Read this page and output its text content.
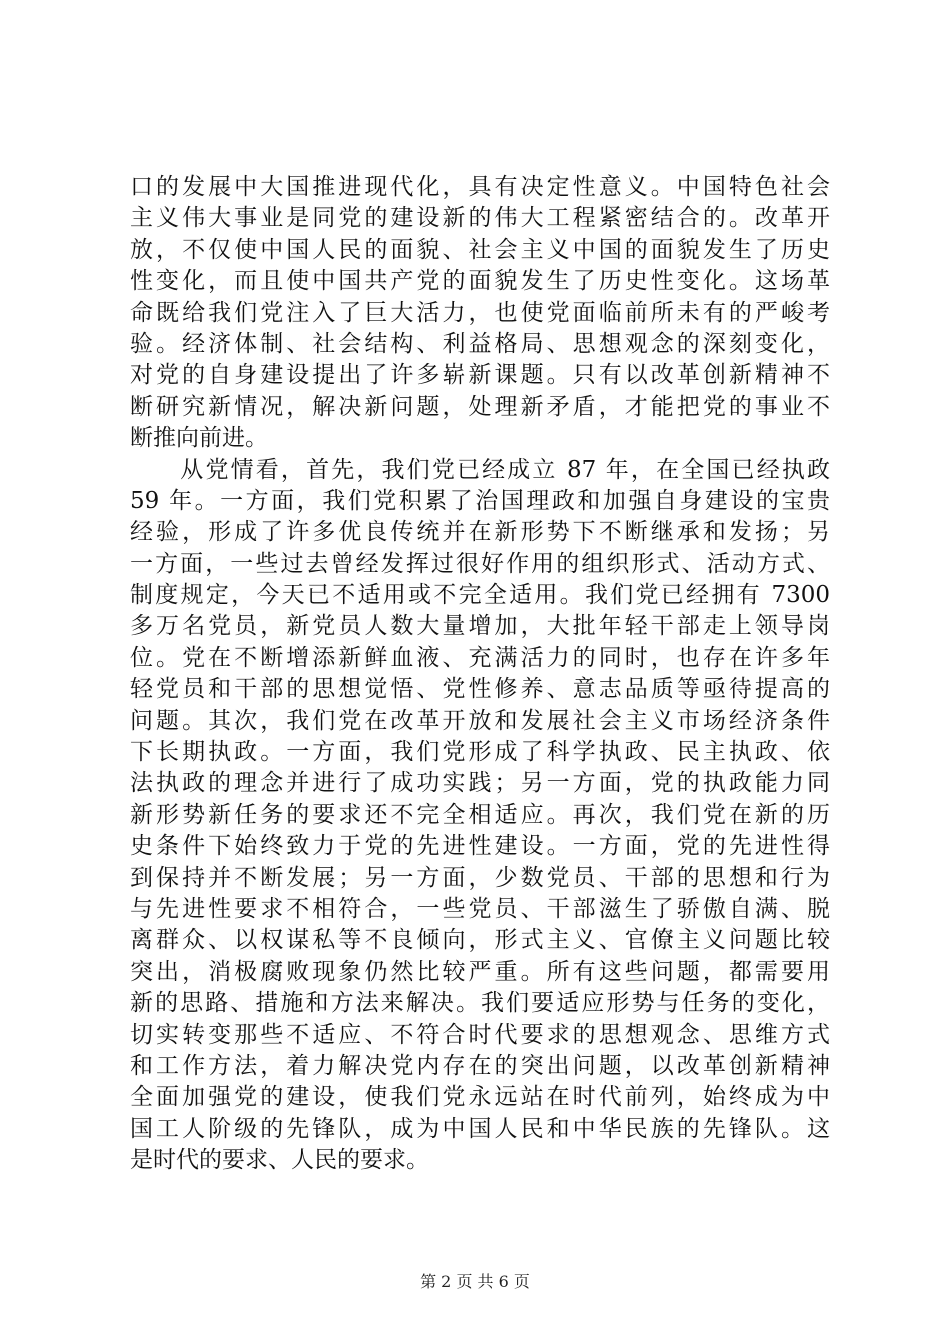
口的发展中大国推进现代化，具有决定性意义。中国特色社会
主义伟大事业是同党的建设新的伟大工程紧密结合的。改革开
放，不仅使中国人民的面貌、社会主义中国的面貌发生了历史
性变化，而且使中国共产党的面貌发生了历史性变化。这场革
命既给我们党注入了巨大活力，也使党面临前所未有的严峻考
验。经济体制、社会结构、利益格局、思想观念的深刻变化，
对党的自身建设提出了许多崭新课题。只有以改革创新精神不
断研究新情况，解决新问题，处理新矛盾，才能把党的事业不
断推向前进。
　　从党情看，首先，我们党已经成立 87 年，在全国已经执政
59 年。一方面，我们党积累了治国理政和加强自身建设的宝贵
经验，形成了许多优良传统并在新形势下不断继承和发扬；另
一方面，一些过去曾经发挥过很好作用的组织形式、活动方式、
制度规定，今天已不适用或不完全适用。我们党已经拥有 7300
多万名党员，新党员人数大量增加，大批年轻干部走上领导岗
位。党在不断增添新鲜血液、充满活力的同时，也存在许多年
轻党员和干部的思想觉悟、党性修养、意志品质等亟待提高的
问题。其次，我们党在改革开放和发展社会主义市场经济条件
下长期执政。一方面，我们党形成了科学执政、民主执政、依
法执政的理念并进行了成功实践；另一方面，党的执政能力同
新形势新任务的要求还不完全相适应。再次，我们党在新的历
史条件下始终致力于党的先进性建设。一方面，党的先进性得
到保持并不断发展；另一方面，少数党员、干部的思想和行为
与先进性要求不相符合，一些党员、干部滋生了骄傲自满、脱
离群众、以权谋私等不良倾向，形式主义、官僚主义问题比较
突出，消极腐败现象仍然比较严重。所有这些问题，都需要用
新的思路、措施和方法来解决。我们要适应形势与任务的变化，
切实转变那些不适应、不符合时代要求的思想观念、思维方式
和工作方法，着力解决党内存在的突出问题，以改革创新精神
全面加强党的建设，使我们党永远站在时代前列，始终成为中
国工人阶级的先锋队，成为中国人民和中华民族的先锋队。这
是时代的要求、人民的要求。
第 2 页 共 6 页
